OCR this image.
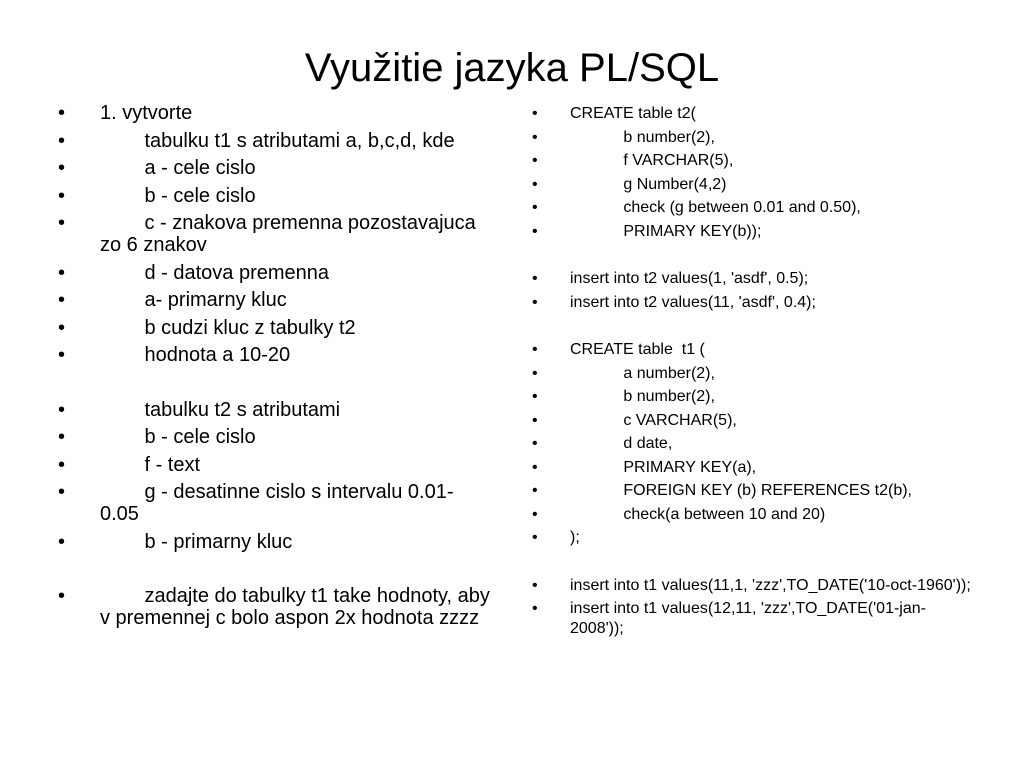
Využitie jazyka PL/SQL
• 1. vytvorte
• tabulku t1 s atributami a, b,c,d, kde
• a - cele cislo
• b - cele cislo
• c - znakova premenna pozostavajuca zo 6 znakov
• d - datova premenna
• a- primarny kluc
• b cudzi kluc z tabulky t2
• hodnota a 10-20
• tabulku t2 s atributami
• b - cele cislo
• f - text
• g - desatinne cislo s intervalu 0.01-0.05
• b - primarny kluc
• zadajte do tabulky t1 take hodnoty, aby v premennej c bolo aspon 2x hodnota zzzz
• CREATE table t2(
• b number(2),
• f VARCHAR(5),
• g Number(4,2)
• check (g between 0.01 and 0.50),
• PRIMARY KEY(b));
• insert into t2 values(1, 'asdf', 0.5);
• insert into t2 values(11, 'asdf', 0.4);
• CREATE table  t1 (
• a number(2),
• b number(2),
• c VARCHAR(5),
• d date,
• PRIMARY KEY(a),
• FOREIGN KEY (b) REFERENCES t2(b),
• check(a between 10 and 20)
• );
• insert into t1 values(11,1, 'zzz',TO_DATE('10-oct-1960'));
• insert into t1 values(12,11, 'zzz',TO_DATE('01-jan-2008'));
